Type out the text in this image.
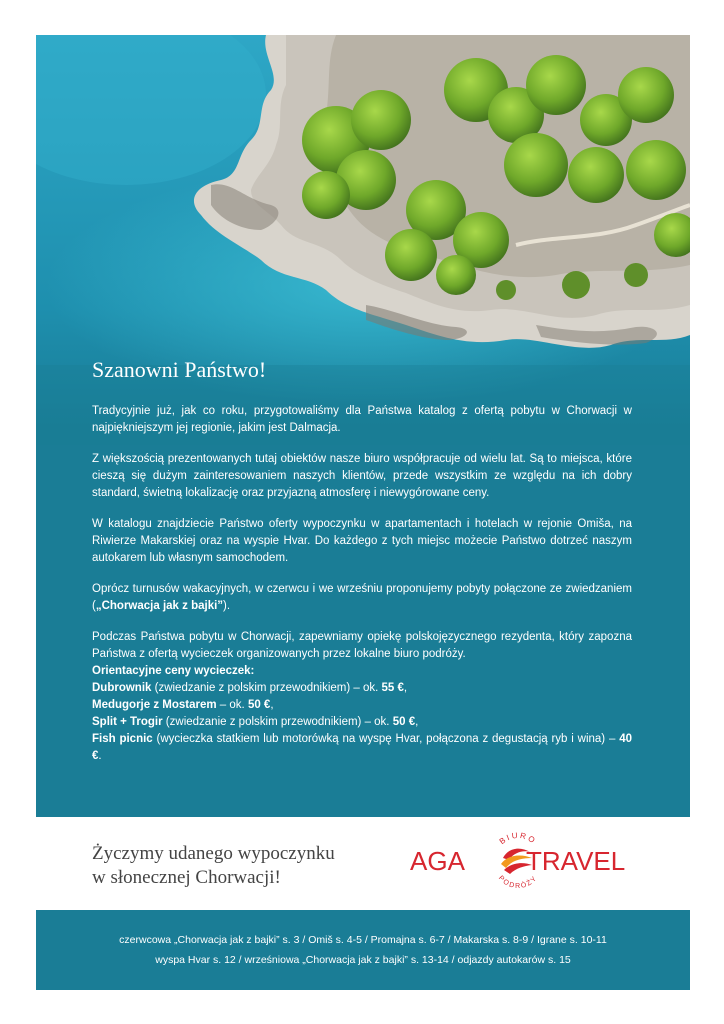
Szanowni Państwo!

Tradycyjnie już, jak co roku, przygotowaliśmy dla Państwa katalog z ofertą pobytu w Chorwacji w najpiękniejszym jej regionie, jakim jest Dalmacja.

Z większością prezentowanych tutaj obiektów nasze biuro współpracuje od wielu lat. Są to miejsca, które cieszą się dużym zainteresowaniem naszych klientów, przede wszystkim ze względu na ich dobry standard, świetną lokalizację oraz przyjazną atmosferę i niewygórowane ceny.

W katalogu znajdziecie Państwo oferty wypoczynku w apartamentach i hotelach w rejonie Omiša, na Riwierze Makarskiej oraz na wyspie Hvar. Do każdego z tych miejsc możecie Państwo dotrzeć naszym autokarem lub własnym samochodem.

Oprócz turnusów wakacyjnych, w czerwcu i we wrześniu proponujemy pobyty połączone ze zwiedzaniem („Chorwacja jak z bajki”).

Podczas Państwa pobytu w Chorwacji, zapewniamy opiekę polskojęzycznego rezydenta, który zapozna Państwa z ofertą wycieczek organizowanych przez lokalne biuro podróży.

Orientacyjne ceny wycieczek:
Dubrownik (zwiedzanie z polskim przewodnikiem) – ok. 55 €,
Medugorje z Mostarem – ok. 50 €,
Split + Trogir (zwiedzanie z polskim przewodnikiem) – ok. 50 €,
Fish picnic (wycieczka statkiem lub motorówką na wyspę Hvar, połączona z degustacją ryb i wina) – 40 €.
Życzymy udanego wypoczynku
w słonecznej Chorwacji!
AGA TRAVEL
BIURO
PODRÓŻY
czerwcowa „Chorwacja jak z bajki” s. 3 / Omiš s. 4-5 / Promajna s. 6-7 / Makarska s. 8-9 / Igrane s. 10-11
wyspa Hvar s. 12 / wrześniowa „Chorwacja jak z bajki” s. 13-14 / odjazdy autokarów s. 15
